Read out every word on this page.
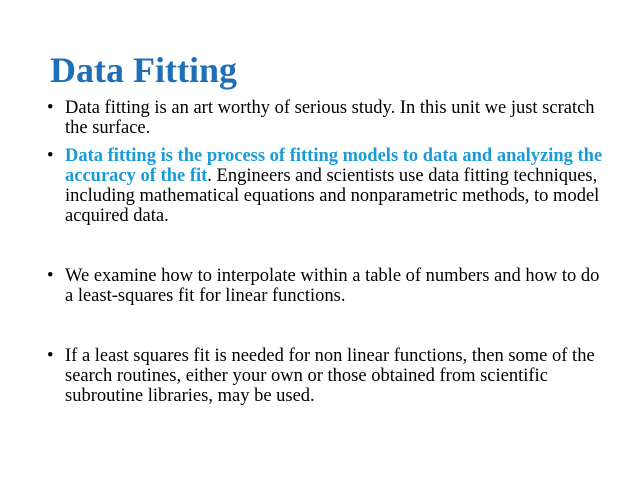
Data Fitting
• Data fitting is an art worthy of serious study. In this unit we just scratch the surface.

• Data fitting is the process of fitting models to data and analyzing the accuracy of the fit. Engineers and scientists use data fitting techniques, including mathematical equations and nonparametric methods, to model acquired data.

• We examine how to interpolate within a table of numbers and how to do a least-squares fit for linear functions.

• If a least squares fit is needed for non linear functions, then some of the search routines, either your own or those obtained from scientific subroutine libraries, may be used.
